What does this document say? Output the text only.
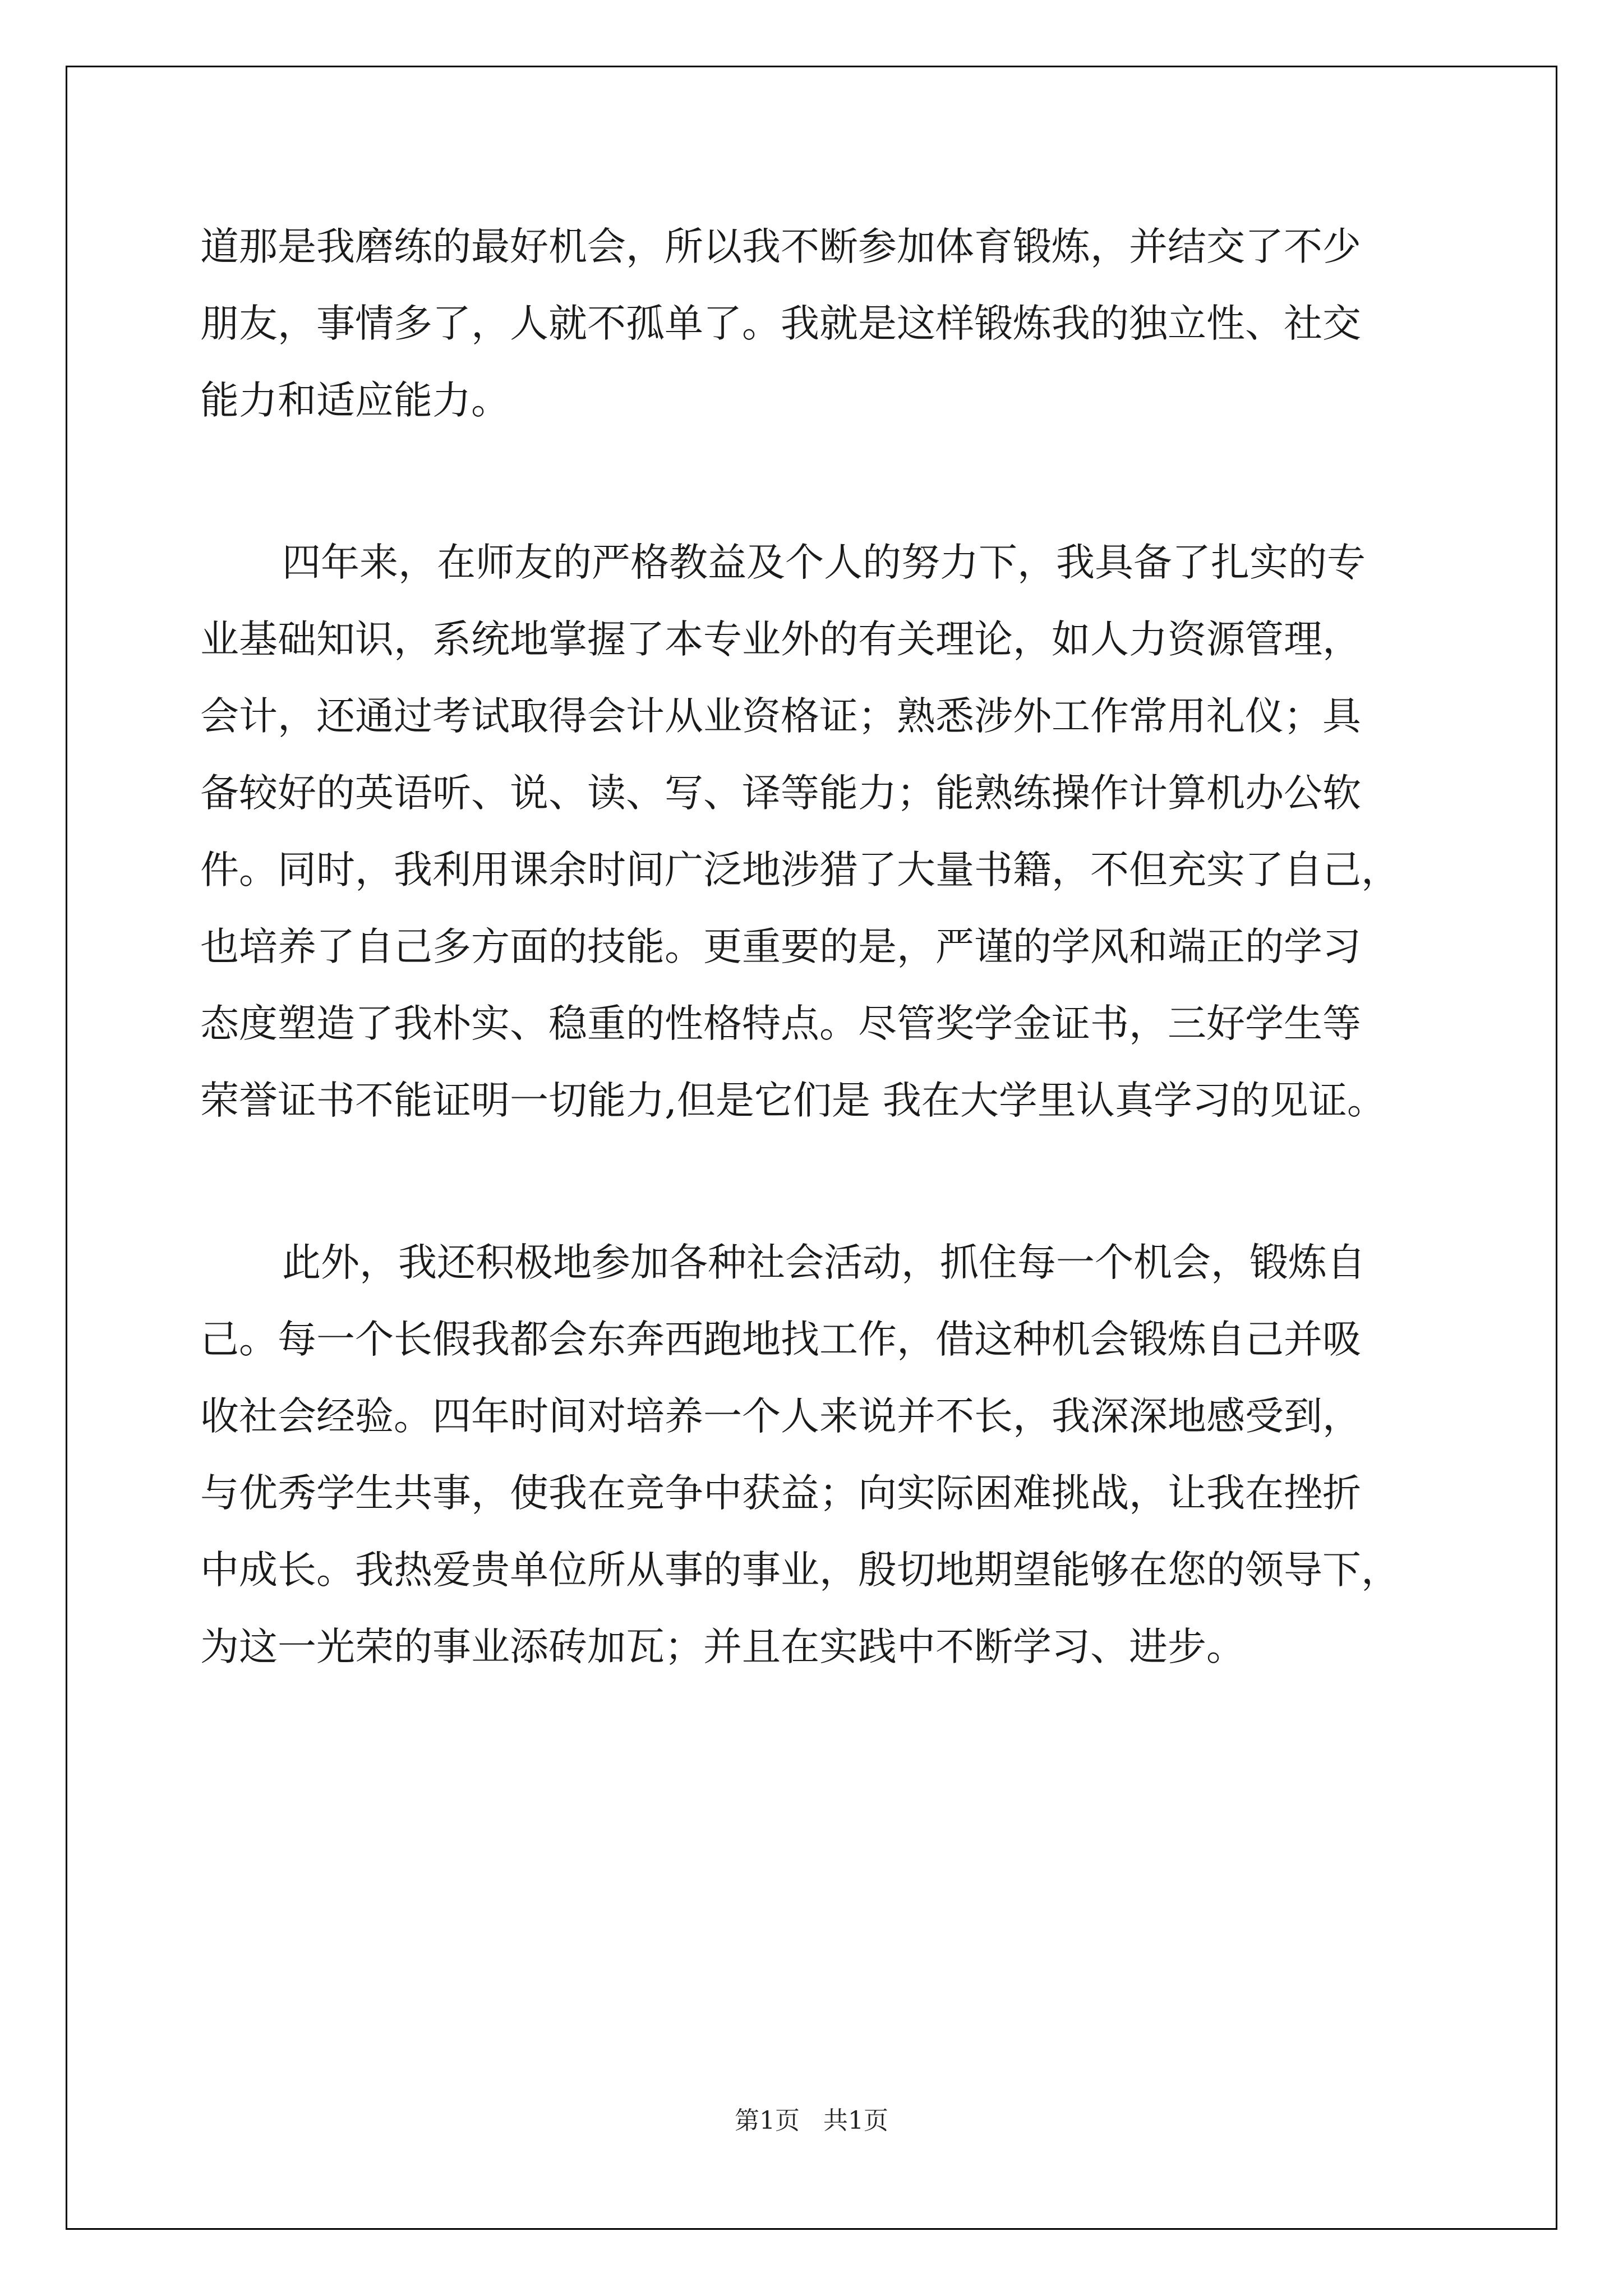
道那是我磨练的最好机会，所以我不断参加体育锻炼，并结交了不少
朋友，事情多了，人就不孤单了。我就是这样锻炼我的独立性、社交
能力和适应能力。
四年来，在师友的严格教益及个人的努力下，我具备了扎实的专
业基础知识，系统地掌握了本专业外的有关理论，如人力资源管理，
会计，还通过考试取得会计从业资格证；熟悉涉外工作常用礼仪；具
备较好的英语听、说、读、写、译等能力；能熟练操作计算机办公软
件。同时，我利用课余时间广泛地涉猎了大量书籍，不但充实了自己，
也培养了自己多方面的技能。更重要的是，严谨的学风和端正的学习
态度塑造了我朴实、稳重的性格特点。尽管奖学金证书，三好学生等
荣誉证书不能证明一切能力,但是它们是 我在大学里认真学习的见证。
此外，我还积极地参加各种社会活动，抓住每一个机会，锻炼自
己。每一个长假我都会东奔西跑地找工作，借这种机会锻炼自己并吸
收社会经验。四年时间对培养一个人来说并不长，我深深地感受到，
与优秀学生共事，使我在竞争中获益；向实际困难挑战，让我在挫折
中成长。我热爱贵单位所从事的事业，殷切地期望能够在您的领导下，
为这一光荣的事业添砖加瓦；并且在实践中不断学习、进步。
第1页   共1页
